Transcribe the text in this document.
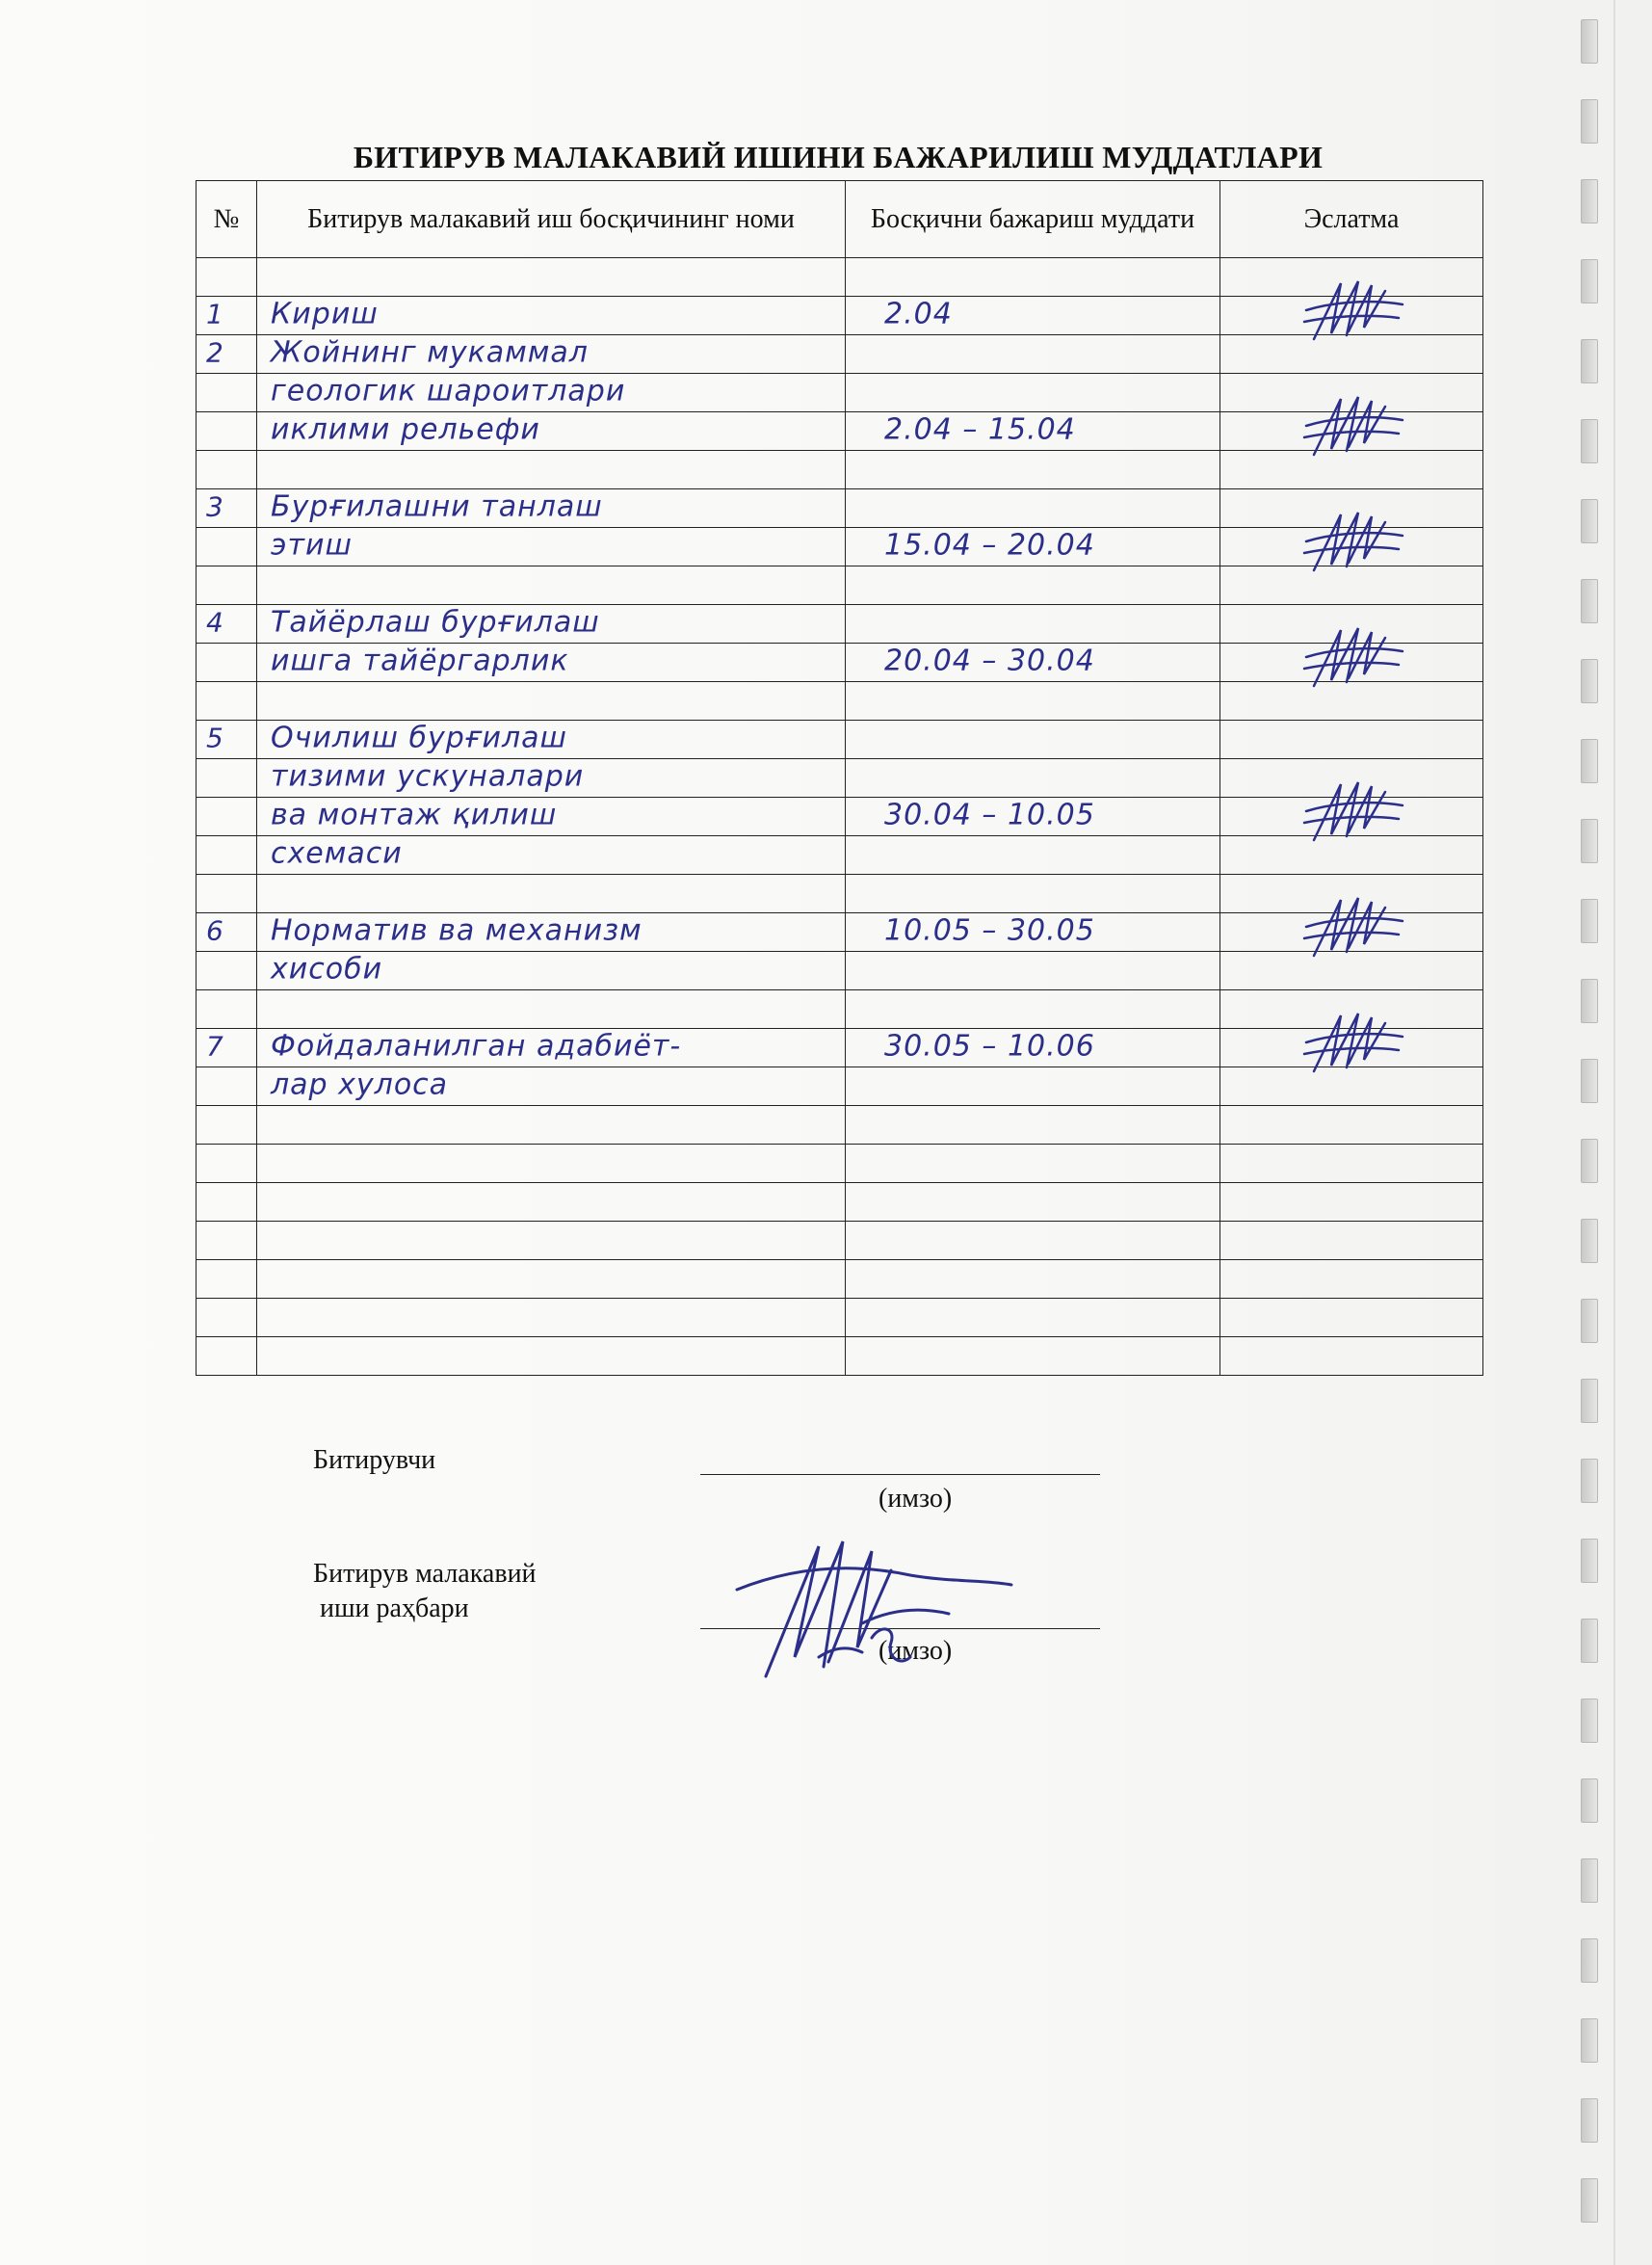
БИТИРУВ МАЛАКАВИЙ ИШИНИ БАЖАРИЛИШ МУДДАТЛАРИ
№	Битирув малакавий иш босқичининг номи	Босқични бажариш муддати	Эслатма

1	Кириш	2.04

2	Жойнинг мукаммал		

	геологик шароитлари		

	иклими рельефи	2.04 – 15.04

3	Бурғилашни танлаш		

	этиш	15.04 – 20.04

4	Тайёрлаш бурғилаш		

	ишга тайёргарлик	20.04 – 30.04

5	Очилиш бурғилаш		

	тизими ускуналари		

	ва монтаж қилиш	30.04 – 10.05

	схемаси		

6	Норматив ва механизм	10.05 – 30.05

	хисоби		

7	Фойдаланилган адабиёт-	30.05 – 10.06

	лар хулоса		

Битирувчи
(имзо)
Битирув малакавий
иши раҳбари
(имзо)
